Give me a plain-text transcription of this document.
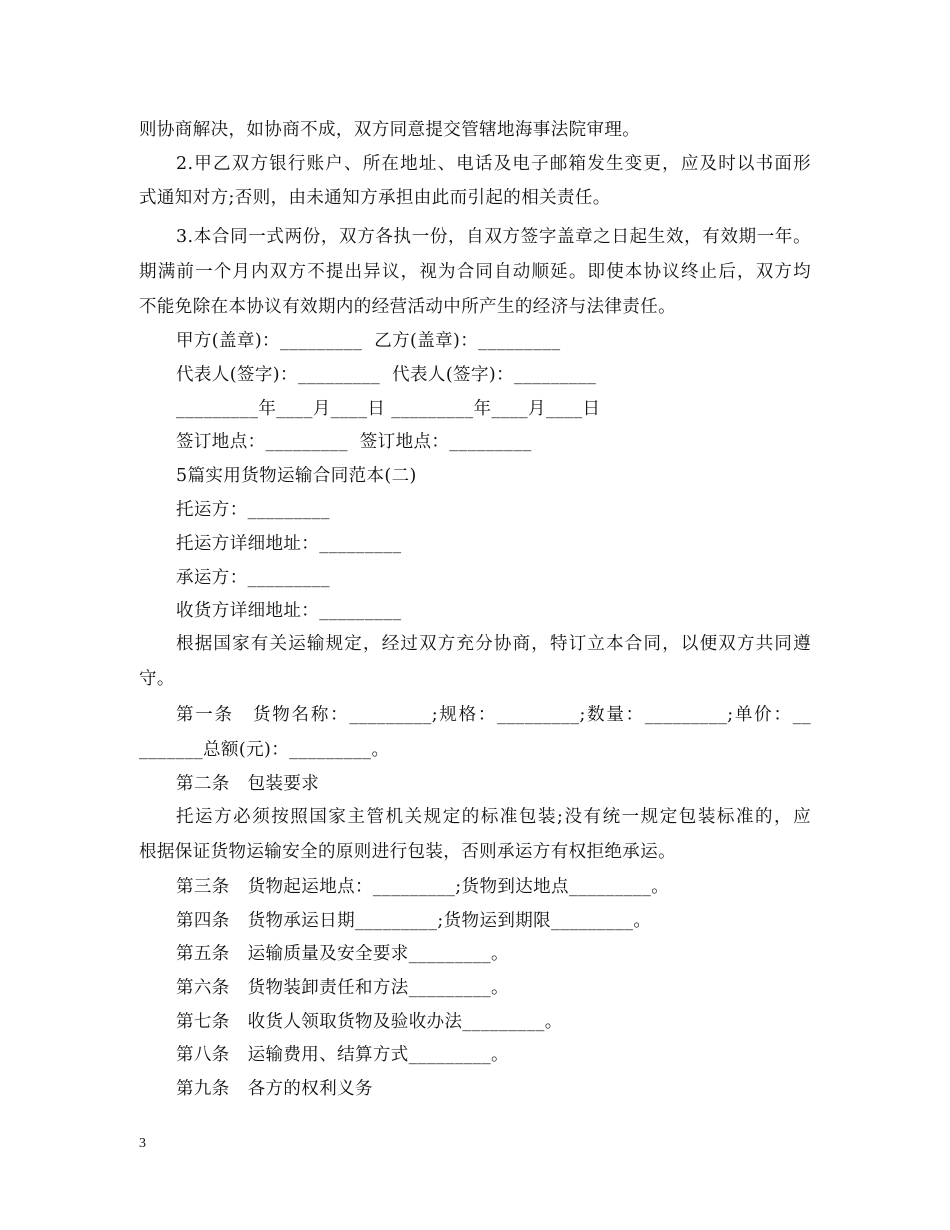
则协商解决，如协商不成，双方同意提交管辖地海事法院审理。
2.甲乙双方银行账户、所在地址、电话及电子邮箱发生变更，应及时以书面形
式通知对方;否则，由未通知方承担由此而引起的相关责任。
3.本合同一式两份，双方各执一份，自双方签字盖章之日起生效，有效期一年。
期满前一个月内双方不提出异议，视为合同自动顺延。即使本协议终止后，双方均
不能免除在本协议有效期内的经营活动中所产生的经济与法律责任。
甲方(盖章)：_________  乙方(盖章)：_________
代表人(签字)：_________  代表人(签字)：_________
_________年____月____日 _________年____月____日
签订地点：_________  签订地点：_________
5篇实用货物运输合同范本(二)
托运方：_________
托运方详细地址：_________
承运方：_________
收货方详细地址：_________
根据国家有关运输规定，经过双方充分协商，特订立本合同，以便双方共同遵
守。
第一条　货物名称：_________;规格：_________;数量：_________;单价：__
_______总额(元)：_________。
第二条　包装要求
托运方必须按照国家主管机关规定的标准包装;没有统一规定包装标准的，应
根据保证货物运输安全的原则进行包装，否则承运方有权拒绝承运。
第三条　货物起运地点：_________;货物到达地点_________。
第四条　货物承运日期_________;货物运到期限_________。
第五条　运输质量及安全要求_________。
第六条　货物装卸责任和方法_________。
第七条　收货人领取货物及验收办法_________。
第八条　运输费用、结算方式_________。
第九条　各方的权利义务
3
